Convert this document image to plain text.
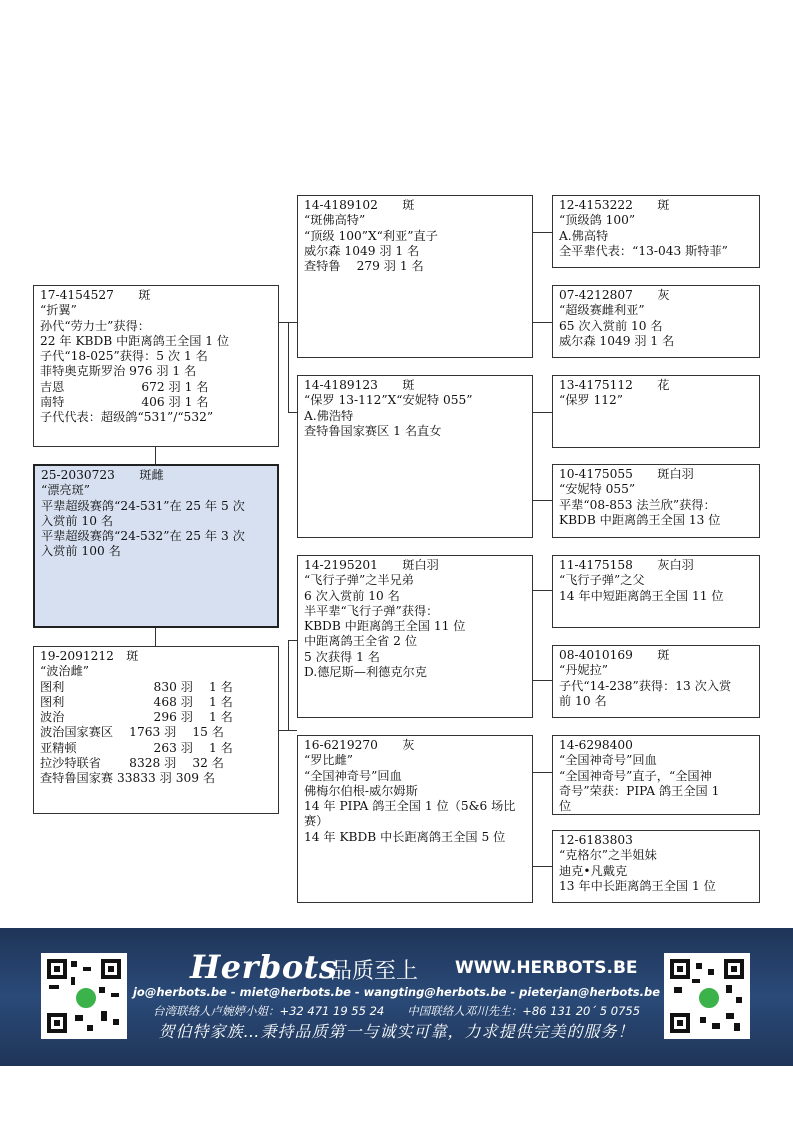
25-2030723　　斑雌
“漂亮斑”
平辈超级赛鸽“24-531”在 25 年 5 次
入赏前 10 名
平辈超级赛鸽“24-532”在 25 年 3 次
入赏前 100 名
17-4154527　　斑
“折翼”
孙代“劳力士”获得：
22 年 KBDB 中距离鸽王全国 1 位
子代“18-025”获得：5 次 1 名
菲特奥克斯罗治 976 羽 1 名
吉恩　　　　　　 672 羽 1 名
南特　　　　　　 406 羽 1 名
子代代表：超级鸽“531”/“532”
19-2091212　斑
“波治雌”
图利　　　　　　　 830 羽　 1 名
图利　　　　　　　 468 羽　 1 名
波治　　　　　　　 296 羽　 1 名
波治国家赛区　 1763 羽　 15 名
亚精顿　　　　　　 263 羽　 1 名
拉沙特联省　　 8328 羽　 32 名
查特鲁国家赛 33833 羽 309 名
14-4189102　　斑
“斑佛高特”
“顶级 100”X“利亚”直子
威尔森 1049 羽 1 名
查特鲁　 279 羽 1 名
14-4189123　　斑
“保罗 13-112”X“安妮特 055”
A.佛浩特
查特鲁国家赛区 1 名直女
14-2195201　　斑白羽
“飞行子弹”之半兄弟
6 次入赏前 10 名
半平辈“飞行子弹”获得：
KBDB 中距离鸽王全国 11 位
中距离鸽王全省 2 位
5 次获得 1 名
D.德尼斯—利德克尔克
16-6219270　　灰
“罗比雌”
“全国神奇号”回血
佛梅尔伯根-威尔姆斯
14 年 PIPA 鸽王全国 1 位（5&6 场比
赛）
14 年 KBDB 中长距离鸽王全国 5 位
12-4153222　　斑
“顶级鸽 100”
A.佛高特
全平辈代表：“13-043 斯特菲”
07-4212807　　灰
“超级赛雌利亚”
65 次入赏前 10 名
威尔森 1049 羽 1 名
13-4175112　　花
“保罗 112”
10-4175055　　斑白羽
“安妮特 055”
平辈“08-853 法兰欣”获得：
KBDB 中距离鸽王全国 13 位
11-4175158　　灰白羽
“飞行子弹”之父
14 年中短距离鸽王全国 11 位
08-4010169　　斑
“丹妮拉”
子代“14-238”获得：13 次入赏
前 10 名
14-6298400
“全国神奇号”回血
“全国神奇号”直子，“全国神
奇号”荣获：PIPA 鸽王全国 1
位
12-6183803
“克格尔”之半姐妹
迪克•凡戴克
13 年中长距离鸽王全国 1 位
Herbots
品质至上 WWW.HERBOTS.BE
jo@herbots.be - miet@herbots.be - wangting@herbots.be - pieterjan@herbots.be
台湾联络人卢婉婷小姐：+32 471 19 55 24　　中国联络人邓川先生：+86 131 20´ 5 0755
贺伯特家族…秉持品质第一与诚实可靠，力求提供完美的服务！
